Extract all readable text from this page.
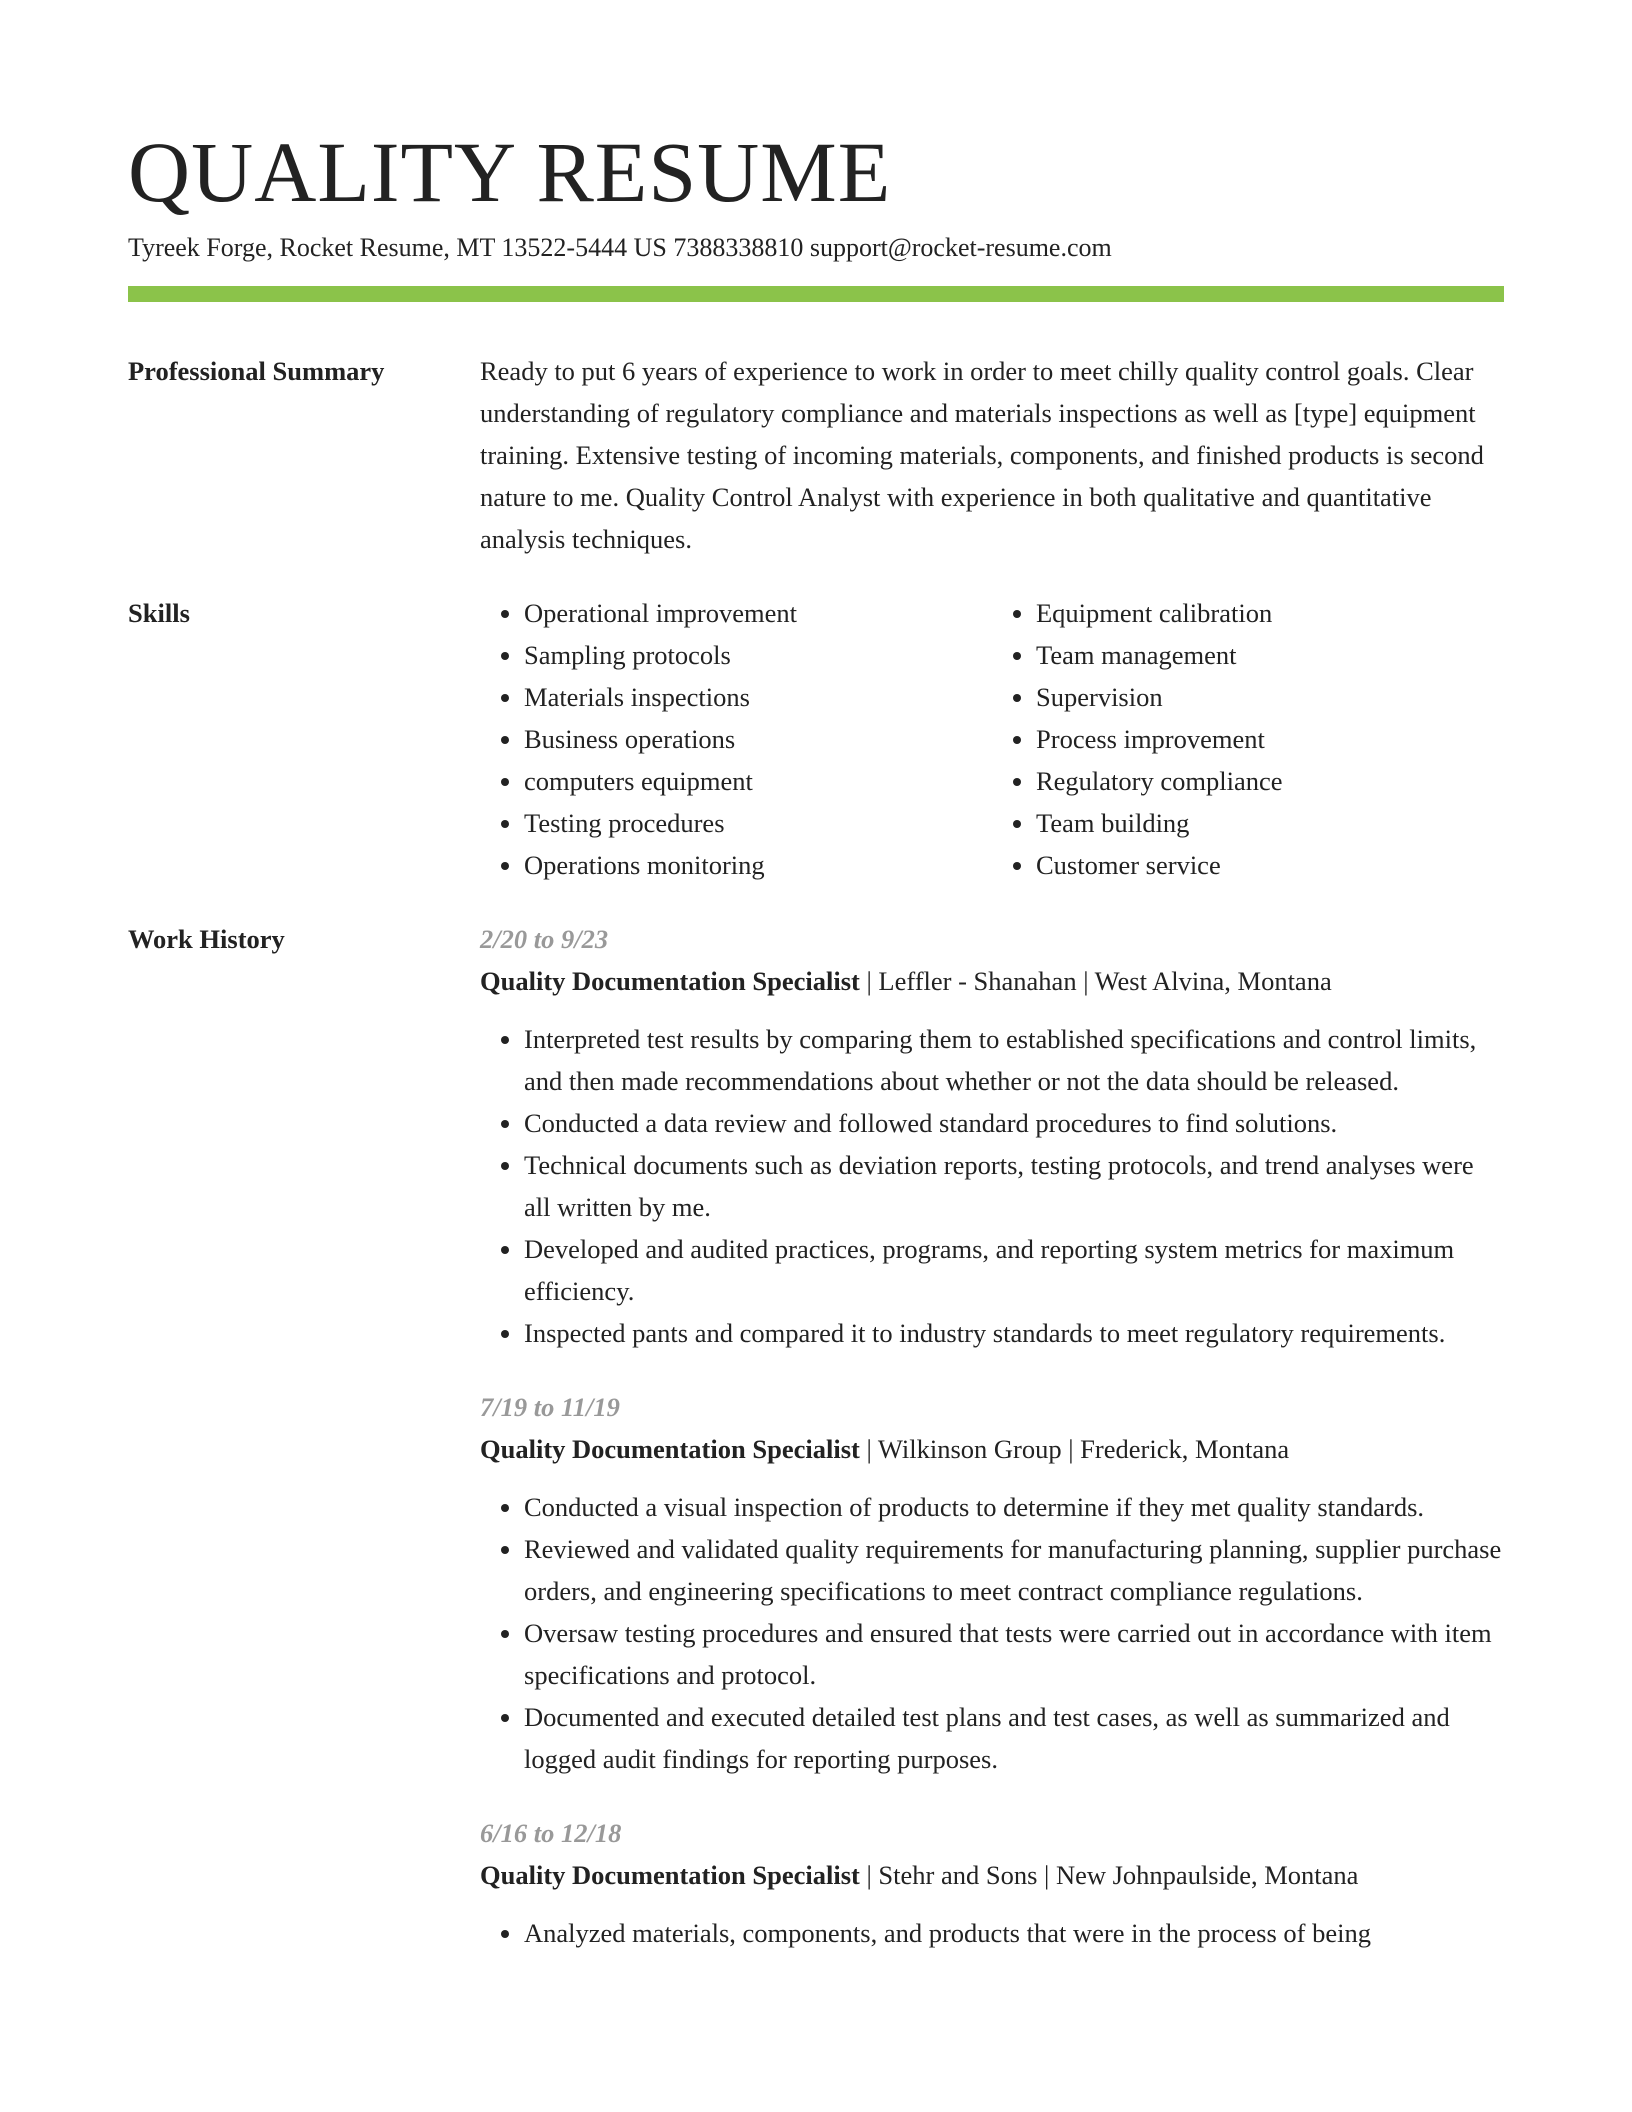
QUALITY RESUME
Tyreek Forge, Rocket Resume, MT 13522-5444 US 7388338810 support@rocket-resume.com
Professional Summary	Ready to put 6 years of experience to work in order to meet chilly quality control goals. Clear understanding of regulatory compliance and materials inspections as well as [type] equipment training. Extensive testing of incoming materials, components, and finished products is second nature to me. Quality Control Analyst with experience in both qualitative and quantitative analysis techniques.

Skills
•	Operational improvement
• Sampling protocols
• Materials inspections
• Business operations
• computers equipment
• Testing procedures
• Operations monitoring
• Equipment calibration
• Team management
• Supervision
• Process improvement
• Regulatory compliance
• Team building
• Customer service
Work History	2/20 to 9/23
Quality Documentation Specialist | Leffler - Shanahan | West Alvina, Montana
• Interpreted test results by comparing them to established specifications and control limits, and then made recommendations about whether or not the data should be released.
• Conducted a data review and followed standard procedures to find solutions.
• Technical documents such as deviation reports, testing protocols, and trend analyses were all written by me.
• Developed and audited practices, programs, and reporting system metrics for maximum efficiency.
• Inspected pants and compared it to industry standards to meet regulatory requirements.
7/19 to 11/19
Quality Documentation Specialist | Wilkinson Group | Frederick, Montana
• Conducted a visual inspection of products to determine if they met quality standards.
• Reviewed and validated quality requirements for manufacturing planning, supplier purchase orders, and engineering specifications to meet contract compliance regulations.
• Oversaw testing procedures and ensured that tests were carried out in accordance with item specifications and protocol.
• Documented and executed detailed test plans and test cases, as well as summarized and logged audit findings for reporting purposes.
6/16 to 12/18
Quality Documentation Specialist | Stehr and Sons | New Johnpaulside, Montana
• Analyzed materials, components, and products that were in the process of being
